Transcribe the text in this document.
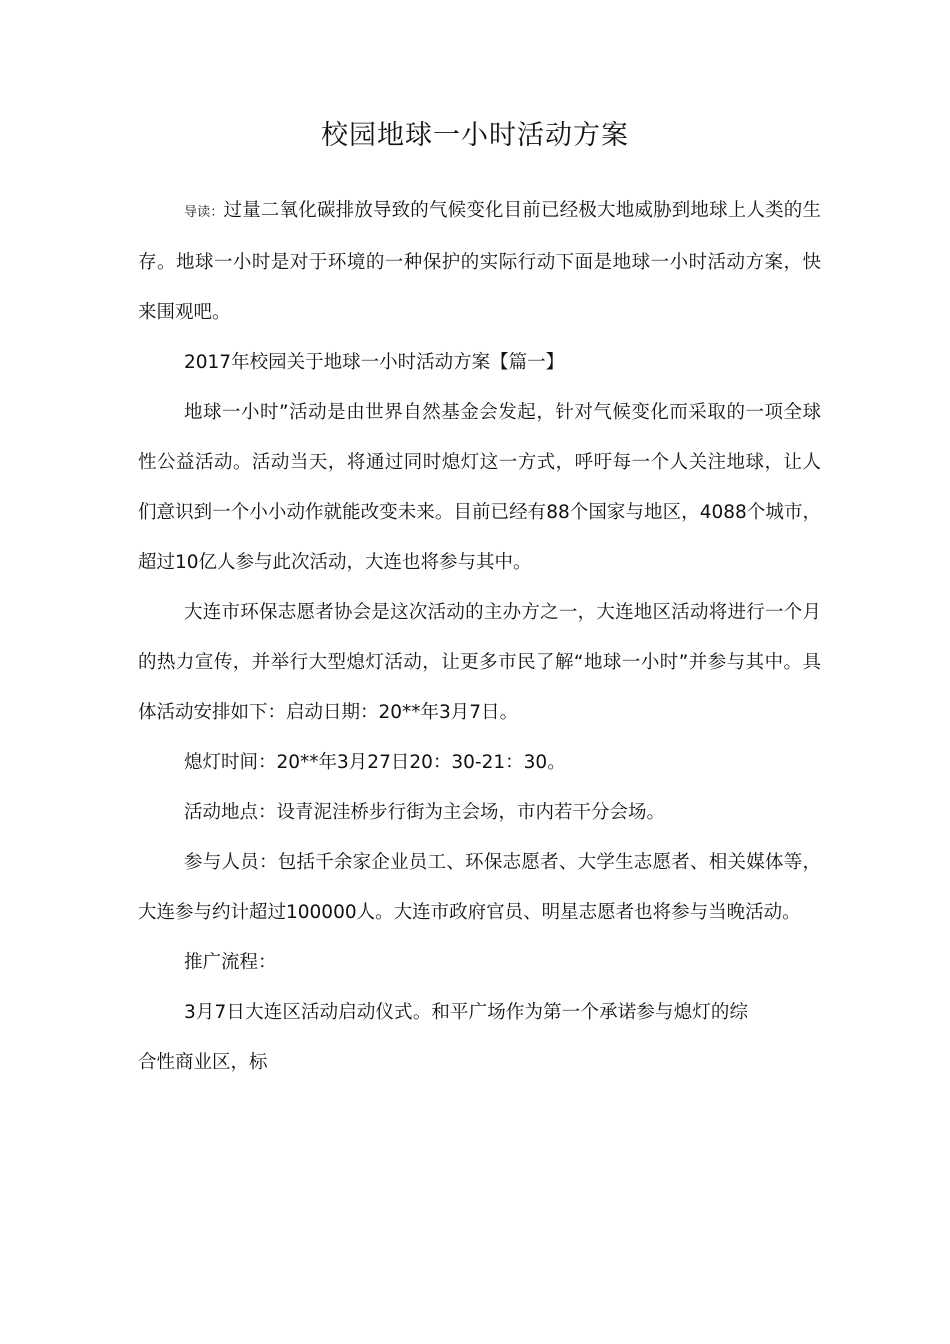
校园地球一小时活动方案

导读：过量二氧化碳排放导致的气候变化目前已经极大地威胁到地球上人类的生存。地球一小时是对于环境的一种保护的实际行动下面是地球一小时活动方案，快来围观吧。

2017年校园关于地球一小时活动方案【篇一】

地球一小时”活动是由世界自然基金会发起，针对气候变化而采取的一项全球性公益活动。活动当天，将通过同时熄灯这一方式，呼吁每一个人关注地球，让人们意识到一个小小动作就能改变未来。目前已经有88个国家与地区，4088个城市，超过10亿人参与此次活动，大连也将参与其中。

大连市环保志愿者协会是这次活动的主办方之一，大连地区活动将进行一个月的热力宣传，并举行大型熄灯活动，让更多市民了解“地球一小时”并参与其中。具体活动安排如下：启动日期：20**年3月7日。

熄灯时间：20**年3月27日20：30-21：30。

活动地点：设青泥洼桥步行街为主会场，市内若干分会场。

参与人员：包括千余家企业员工、环保志愿者、大学生志愿者、相关媒体等，大连参与约计超过100000人。大连市政府官员、明星志愿者也将参与当晚活动。

推广流程：

3月7日大连区活动启动仪式。和平广场作为第一个承诺参与熄灯的综合性商业区，标
